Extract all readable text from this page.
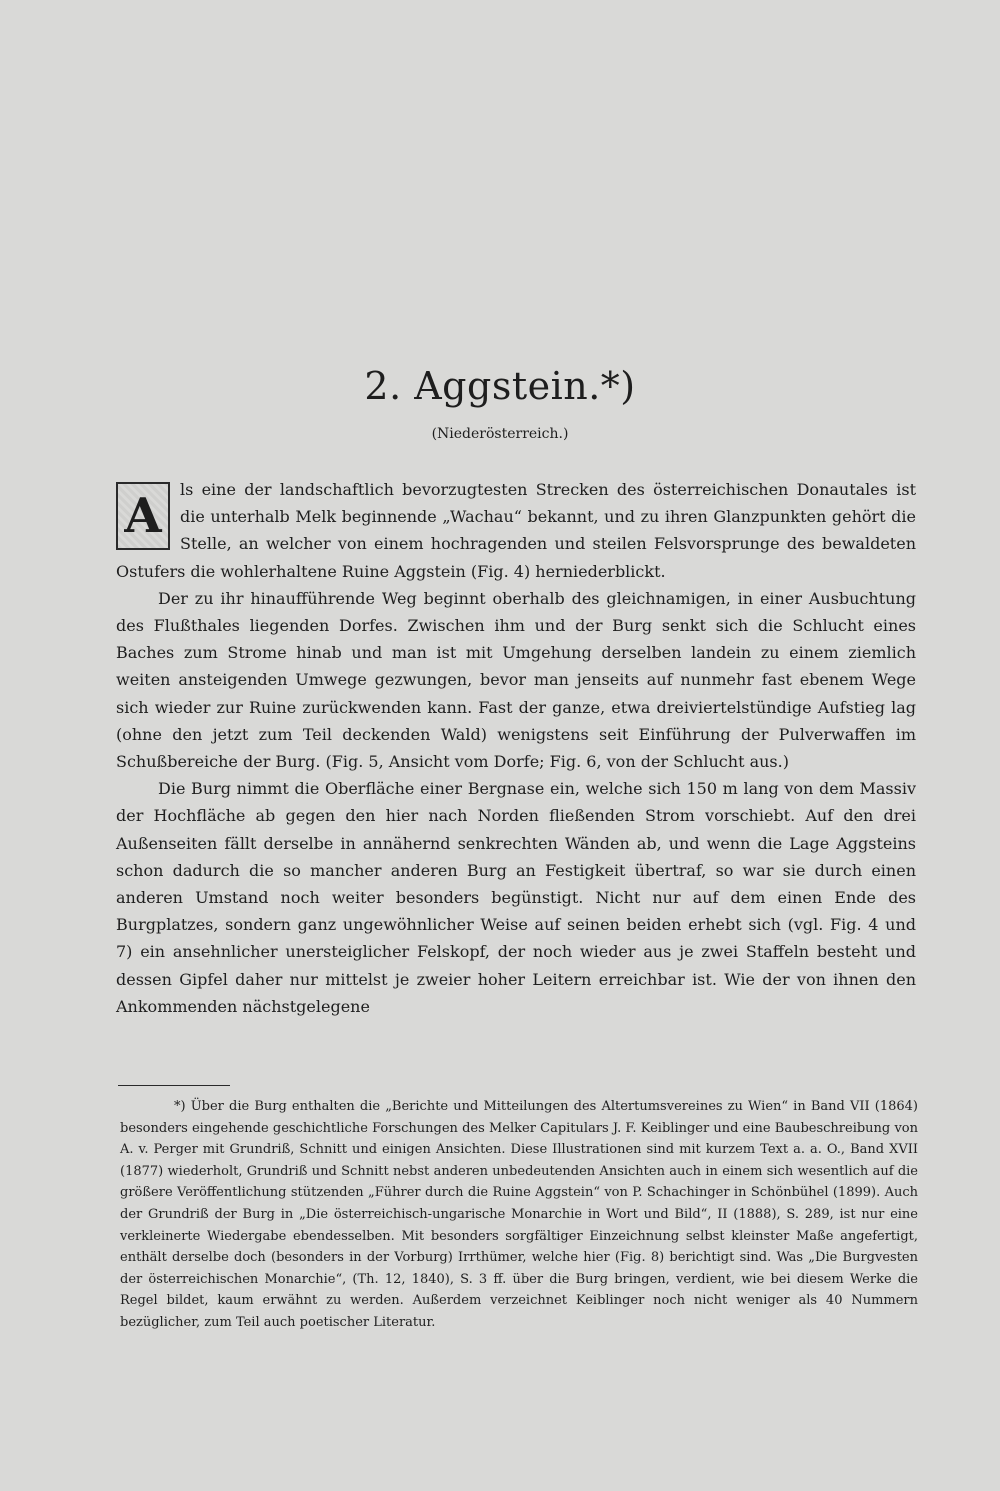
2. Aggstein.*)
(Niederösterreich.)

A	ls eine der landschaftlich bevorzugtesten Strecken des österreichischen Donautales ist die unterhalb Melk beginnende „Wachau“ bekannt, und zu ihren Glanzpunkten gehört die Stelle, an welcher von einem hochragenden und steilen Felsvorsprunge des bewaldeten Ostufers die wohlerhaltene Ruine Aggstein (Fig. 4) herniederblickt.

Der zu ihr hinaufführende Weg beginnt oberhalb des gleichnamigen, in einer Ausbuchtung des Flußthales liegenden Dorfes. Zwischen ihm und der Burg senkt sich die Schlucht eines Baches zum Strome hinab und man ist mit Umgehung derselben landein zu einem ziemlich weiten ansteigenden Umwege gezwungen, bevor man jenseits auf nunmehr fast ebenem Wege sich wieder zur Ruine zurückwenden kann. Fast der ganze, etwa dreiviertelstündige Aufstieg lag (ohne den jetzt zum Teil deckenden Wald) wenigstens seit Einführung der Pulverwaffen im Schußbereiche der Burg. (Fig. 5, Ansicht vom Dorfe; Fig. 6, von der Schlucht aus.)

Die Burg nimmt die Oberfläche einer Bergnase ein, welche sich 150 m lang von dem Massiv der Hochfläche ab gegen den hier nach Norden fließenden Strom vorschiebt. Auf den drei Außenseiten fällt derselbe in annähernd senkrechten Wänden ab, und wenn die Lage Aggsteins schon dadurch die so mancher anderen Burg an Festigkeit übertraf, so war sie durch einen anderen Umstand noch weiter besonders begünstigt. Nicht nur auf dem einen Ende des Burgplatzes, sondern ganz ungewöhnlicher Weise auf seinen beiden erhebt sich (vgl. Fig. 4 und 7) ein ansehnlicher unersteiglicher Felskopf, der noch wieder aus je zwei Staffeln besteht und dessen Gipfel daher nur mittelst je zweier hoher Leitern erreichbar ist. Wie der von ihnen den Ankommenden nächstgelegene

*) Über die Burg enthalten die „Berichte und Mitteilungen des Altertumsvereines zu Wien“ in Band VII (1864) besonders eingehende geschichtliche Forschungen des Melker Capitulars J. F. Keiblinger und eine Baubeschreibung von A. v. Perger mit Grundriß, Schnitt und einigen Ansichten. Diese Illustrationen sind mit kurzem Text a. a. O., Band XVII (1877) wiederholt, Grundriß und Schnitt nebst anderen unbedeutenden Ansichten auch in einem sich wesentlich auf die größere Veröffentlichung stützenden „Führer durch die Ruine Aggstein“ von P. Schachinger in Schönbühel (1899). Auch der Grundriß der Burg in „Die österreichisch-ungarische Monarchie in Wort und Bild“, II (1888), S. 289, ist nur eine verkleinerte Wiedergabe ebendesselben. Mit besonders sorgfältiger Einzeichnung selbst kleinster Maße angefertigt, enthält derselbe doch (besonders in der Vorburg) Irrthümer, welche hier (Fig. 8) berichtigt sind. Was „Die Burgvesten der österreichischen Monarchie“, (Th. 12, 1840), S. 3 ff. über die Burg bringen, verdient, wie bei diesem Werke die Regel bildet, kaum erwähnt zu werden. Außerdem verzeichnet Keiblinger noch nicht weniger als 40 Nummern bezüglicher, zum Teil auch poetischer Literatur.
